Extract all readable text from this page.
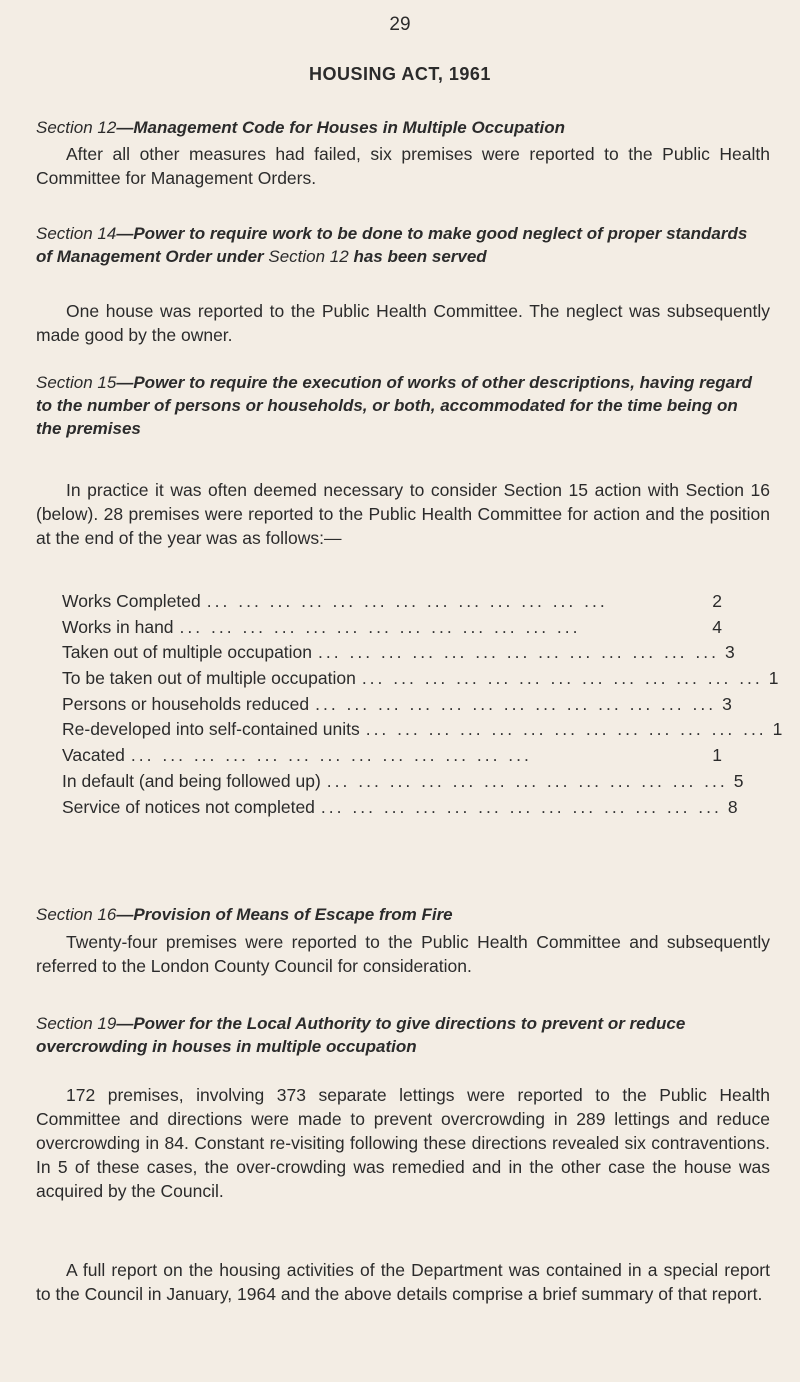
29
HOUSING ACT, 1961
Section 12—Management Code for Houses in Multiple Occupation
After all other measures had failed, six premises were reported to the Public Health Committee for Management Orders.
Section 14—Power to require work to be done to make good neglect of proper standards of Management Order under Section 12 has been served
One house was reported to the Public Health Committee. The neglect was subsequently made good by the owner.
Section 15—Power to require the execution of works of other descriptions, having regard to the number of persons or households, or both, accommodated for the time being on the premises
In practice it was often deemed necessary to consider Section 15 action with Section 16 (below). 28 premises were reported to the Public Health Committee for action and the position at the end of the year was as follows:—
Works Completed ... ... ... ... ... ... ... ... ... ... ... ... ...	2
Works in hand ... ... ... ... ... ... ... ... ... ... ... ... ...	4
Taken out of multiple occupation ... ... ... ... ... ... ... ... ... ... ... ... ... 3
To be taken out of multiple occupation ... ... ... ... ... ... ... ... ... ... ... ... ... 1
Persons or households reduced ... ... ... ... ... ... ... ... ... ... ... ... ... 3
Re-developed into self-contained units ... ... ... ... ... ... ... ... ... ... ... ... ... 1
Vacated ... ... ... ... ... ... ... ... ... ... ... ... ...	1
In default (and being followed up) ... ... ... ... ... ... ... ... ... ... ... ... ... 5
Service of notices not completed ... ... ... ... ... ... ... ... ... ... ... ... ... 8
Section 16—Provision of Means of Escape from Fire
Twenty-four premises were reported to the Public Health Committee and subsequently referred to the London County Council for consideration.
Section 19—Power for the Local Authority to give directions to prevent or reduce overcrowding in houses in multiple occupation
172 premises, involving 373 separate lettings were reported to the Public Health Committee and directions were made to prevent overcrowding in 289 lettings and reduce overcrowding in 84. Constant re-visiting following these directions revealed six contraventions. In 5 of these cases, the over-crowding was remedied and in the other case the house was acquired by the Council.
A full report on the housing activities of the Department was contained in a special report to the Council in January, 1964 and the above details comprise a brief summary of that report.
